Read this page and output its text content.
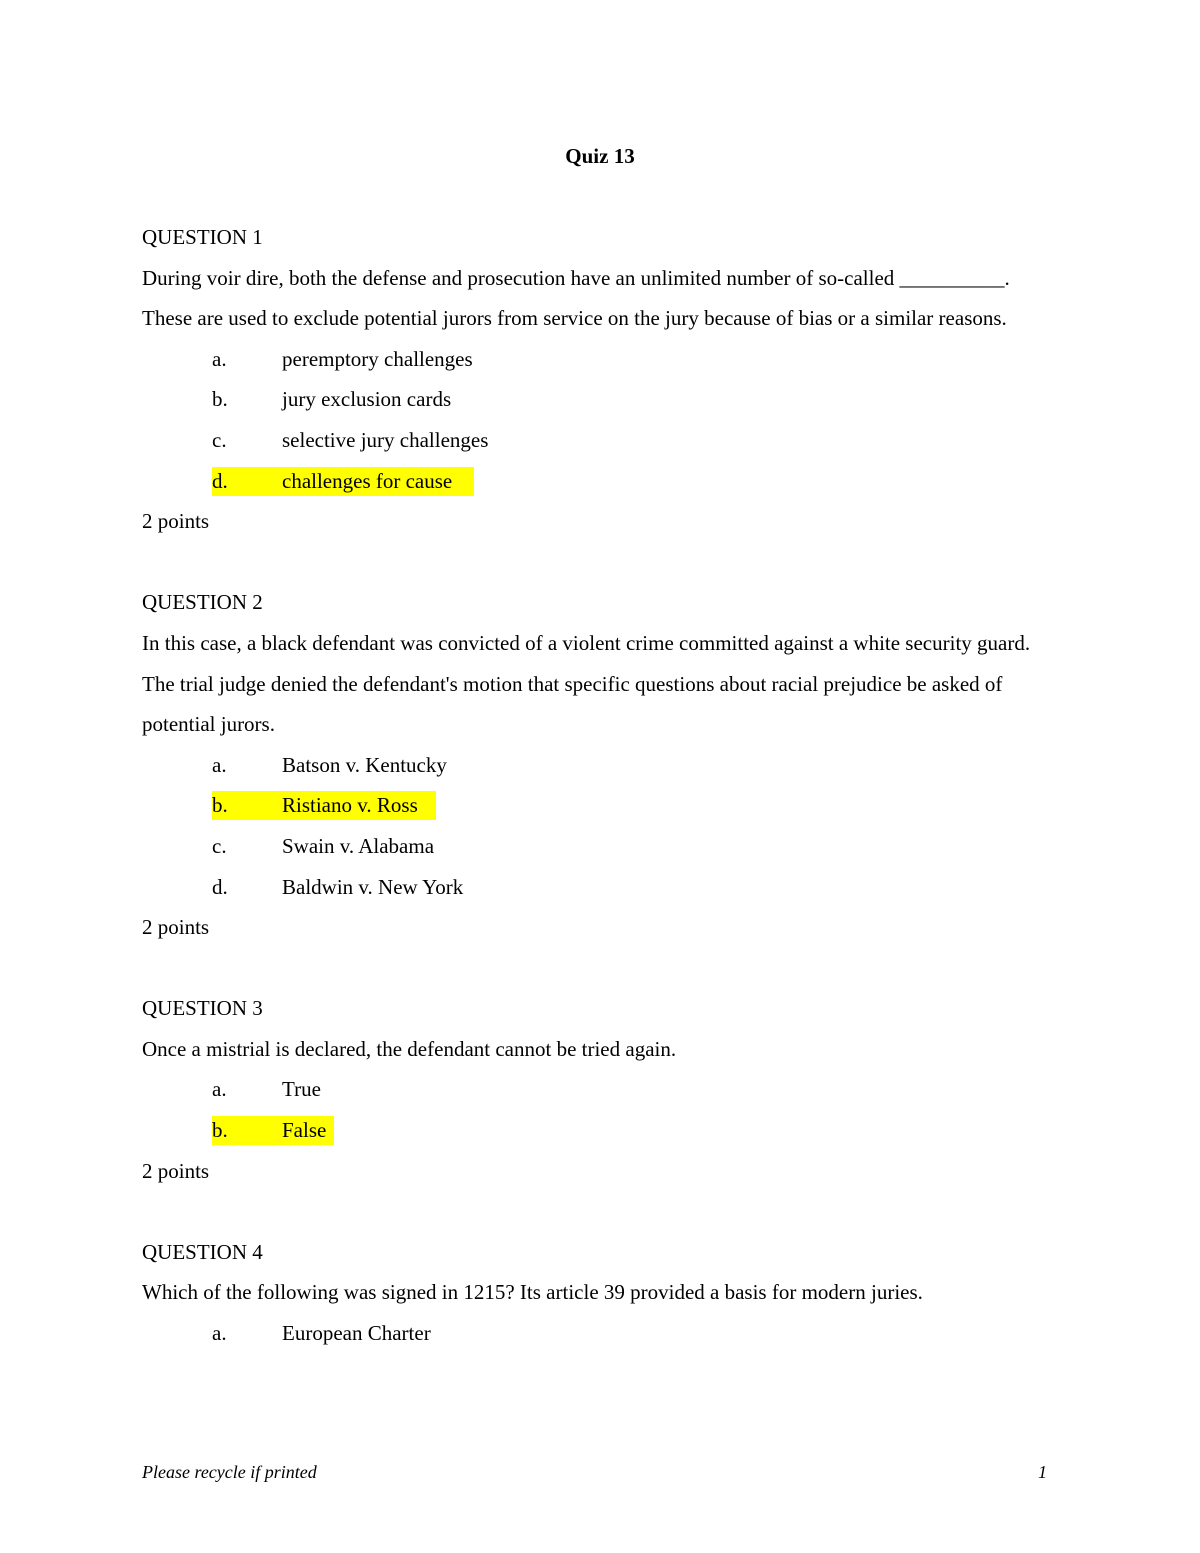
Quiz 13

QUESTION 1

During voir dire, both the defense and prosecution have an unlimited number of so-called __________. These are used to exclude potential jurors from service on the jury because of bias or a similar reasons.

a.	peremptory challenges
b.	jury exclusion cards
c.	selective jury challenges
d.	challenges for cause

2 points

QUESTION 2

In this case, a black defendant was convicted of a violent crime committed against a white security guard. The trial judge denied the defendant's motion that specific questions about racial prejudice be asked of potential jurors.

a.	Batson v. Kentucky
b.	Ristiano v. Ross
c.	Swain v. Alabama
d.	Baldwin v. New York

2 points

QUESTION 3

Once a mistrial is declared, the defendant cannot be tried again.

a.	True
b.	False

2 points

QUESTION 4

Which of the following was signed in 1215? Its article 39 provided a basis for modern juries.

a.	European Charter
Please recycle if printed	1
